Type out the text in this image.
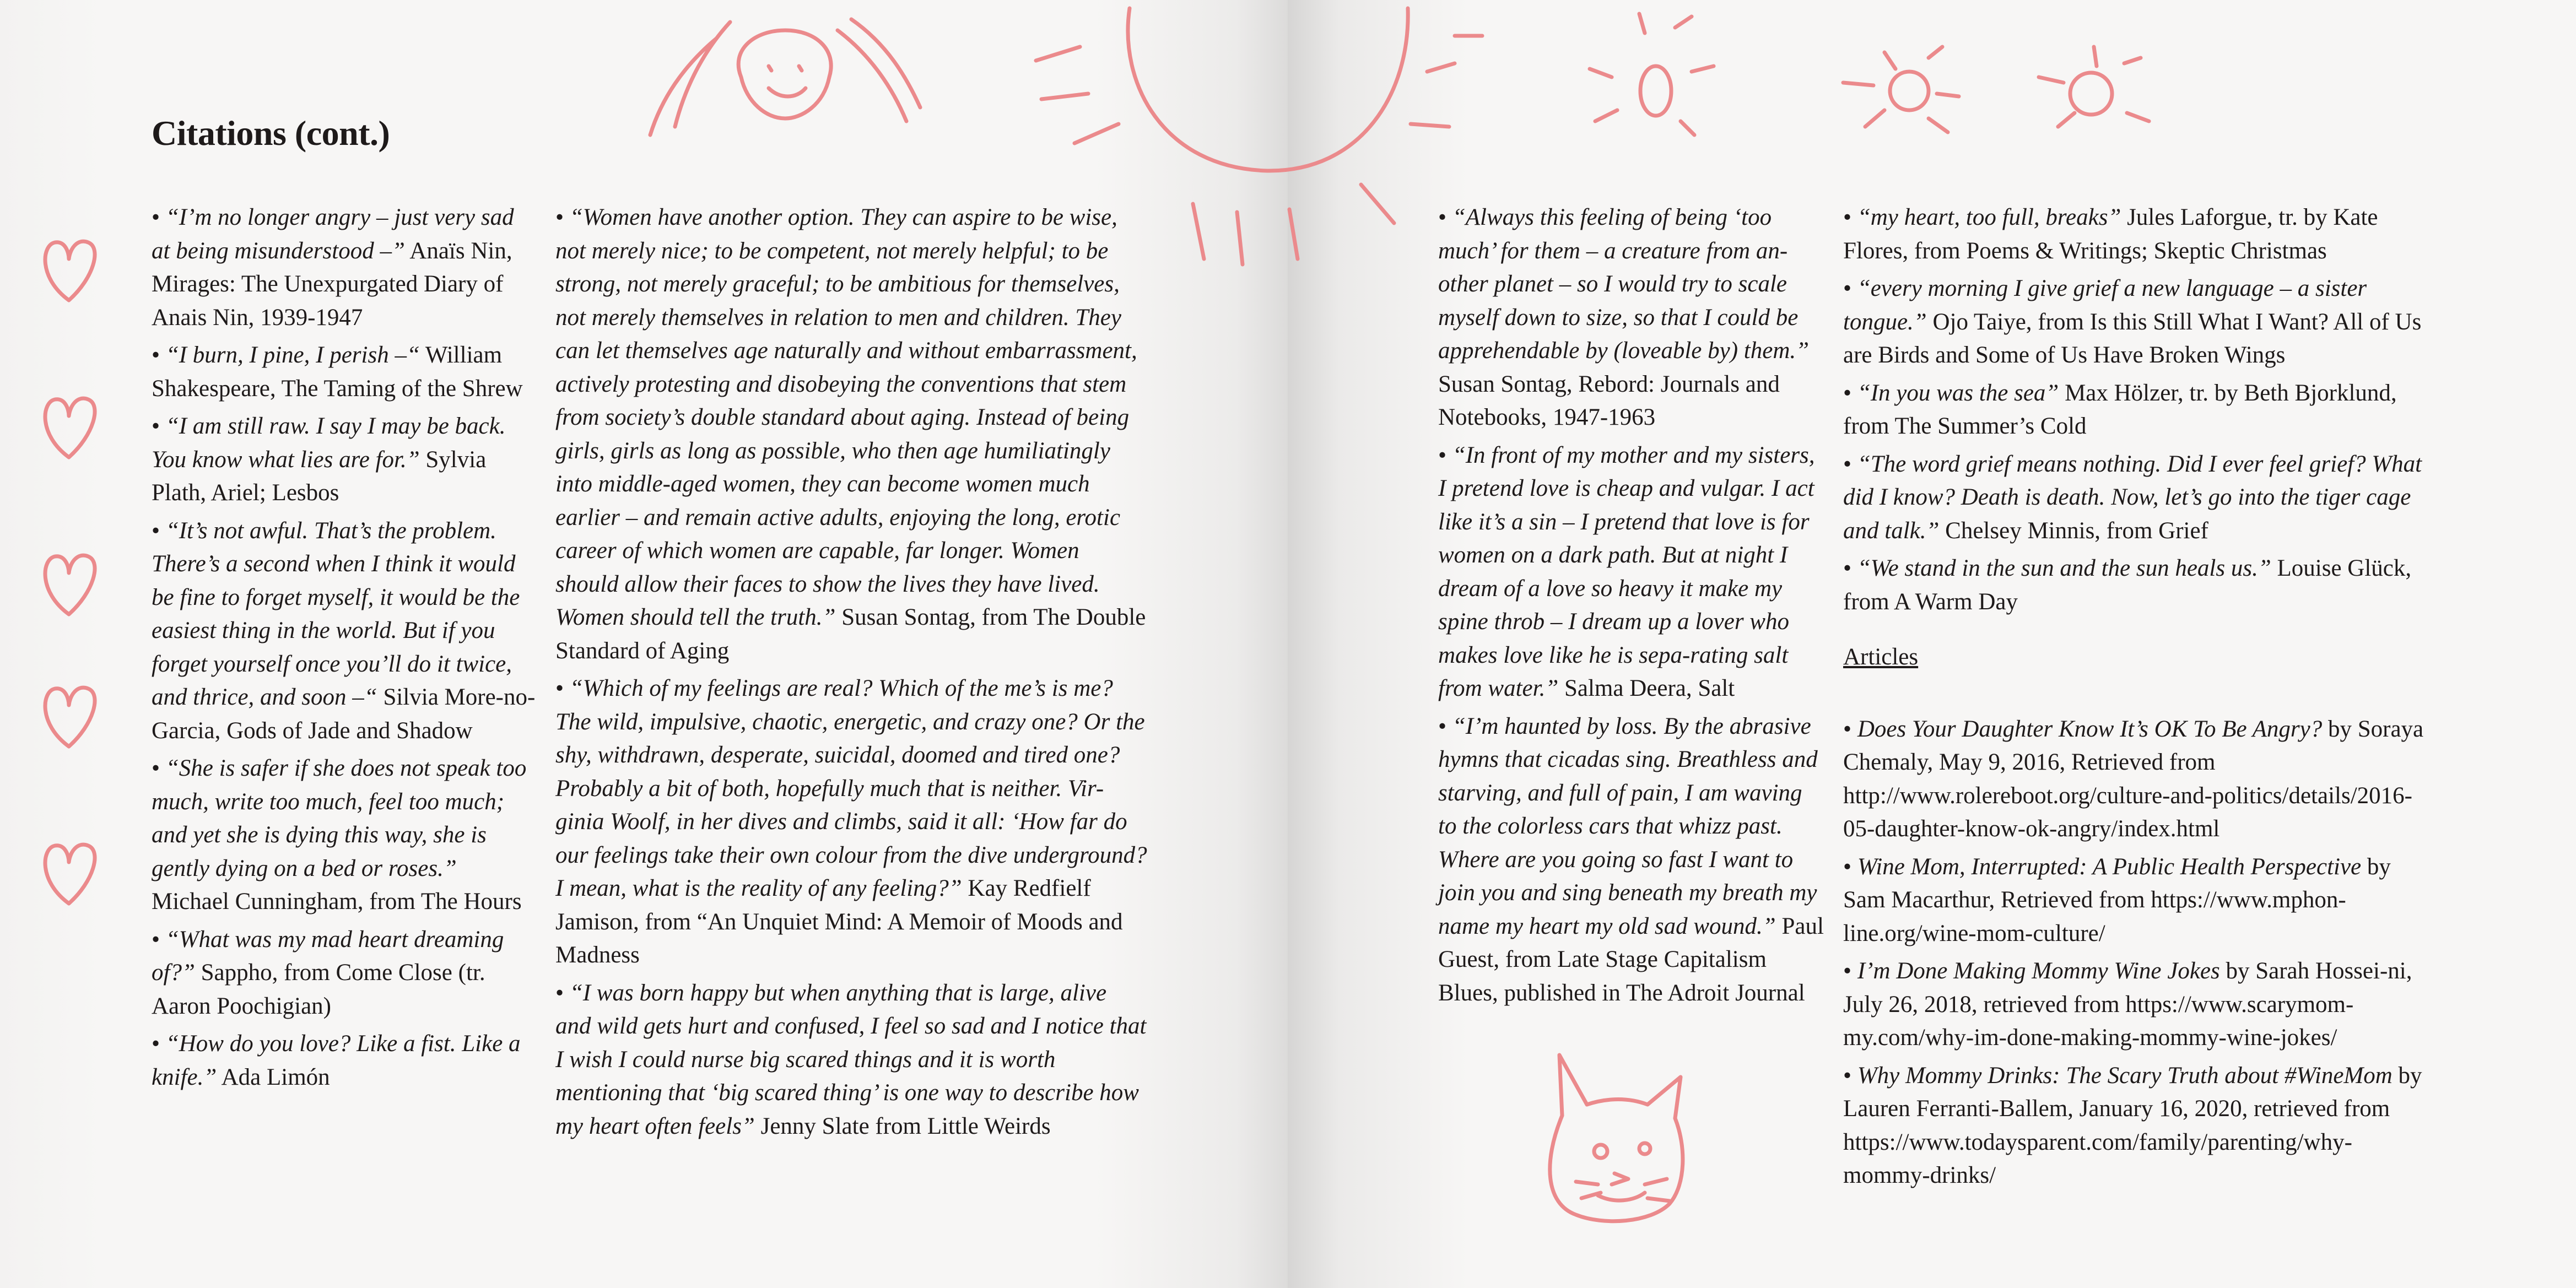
Citations (cont.)
• “I’m no longer angry – just very sad at being misunderstood –” Anaïs Nin, Mirages: The Unexpurgated Diary of Anais Nin, 1939-1947
• “I burn, I pine, I perish –“ William Shakespeare, The Taming of the Shrew
• “I am still raw. I say I may be back. You know what lies are for.” Sylvia Plath, Ariel; Lesbos
• “It’s not awful. That’s the problem. There’s a second when I think it would be fine to forget myself, it would be the easiest thing in the world. But if you forget yourself once you’ll do it twice, and thrice, and soon –“ Silvia More-no-Garcia, Gods of Jade and Shadow
• “She is safer if she does not speak too much, write too much, feel too much; and yet she is dying this way, she is gently dying on a bed or roses.” Michael Cunningham, from The Hours
• “What was my mad heart dreaming of?” Sappho, from Come Close (tr. Aaron Poochigian)
• “How do you love? Like a fist. Like a knife.” Ada Limón
• “Women have another option. They can aspire to be wise, not merely nice; to be competent, not merely helpful; to be strong, not merely graceful; to be ambitious for themselves, not merely themselves in relation to men and children. They can let themselves age naturally and without embarrassment, actively protesting and disobeying the conventions that stem from society’s double standard about aging. Instead of being girls, girls as long as possible, who then age humiliatingly into middle-aged women, they can become women much earlier – and remain active adults, enjoying the long, erotic career of which women are capable, far longer. Women should allow their faces to show the lives they have lived. Women should tell the truth.” Susan Sontag, from The Double Standard of Aging
• “Which of my feelings are real? Which of the me’s is me?The wild, impulsive, chaotic, energetic, and crazy one? Or the shy, withdrawn, desperate, suicidal, doomed and tired one? Probably a bit of both, hopefully much that is neither. Vir-ginia Woolf, in her dives and climbs, said it all: ‘How far do our feelings take their own colour from the dive underground? I mean, what is the reality of any feeling?” Kay Redfielf Jamison, from “An Unquiet Mind: A Memoir of Moods and Madness
• “I was born happy but when anything that is large, alive and wild gets hurt and confused, I feel so sad and I notice that I wish I could nurse big scared things and it is worth mentioning that ‘big scared thing’ is one way to describe how my heart often feels” Jenny Slate from Little Weirds
• “Always this feeling of being ‘too much’ for them – a creature from an-other planet – so I would try to scale myself down to size, so that I could be apprehendable by (loveable by) them.” Susan Sontag, Rebord: Journals and Notebooks, 1947-1963
• “In front of my mother and my sisters, I pretend love is cheap and vulgar. I act like it’s a sin – I pretend that love is for women on a dark path. But at night I dream of a love so heavy it make my spine throb – I dream up a lover who makes love like he is sepa-rating salt from water.” Salma Deera, Salt
• “I’m haunted by loss. By the abrasive hymns that cicadas sing. Breathless and starving, and full of pain, I am waving to the colorless cars that whizz past. Where are you going so fast I want to join you and sing beneath my breath my name my heart my old sad wound.” Paul Guest, from Late Stage Capitalism Blues, published in The Adroit Journal
• “my heart, too full, breaks” Jules Laforgue, tr. by Kate Flores, from Poems & Writings; Skeptic Christmas
• “every morning I give grief a new language – a sister tongue.” Ojo Taiye, from Is this Still What I Want? All of Us are Birds and Some of Us Have Broken Wings
• “In you was the sea” Max Hölzer, tr. by Beth Bjorklund, from The Summer’s Cold
• “The word grief means nothing. Did I ever feel grief? What did I know? Death is death. Now, let’s go into the tiger cage and talk.” Chelsey Minnis, from Grief
• “We stand in the sun and the sun heals us.” Louise Glück, from A Warm Day
Articles
• Does Your Daughter Know It’s OK To Be Angry? by Soraya Chemaly, May 9, 2016, Retrieved from http://www.rolereboot.org/culture-and-politics/details/2016-05-daughter-know-ok-angry/index.html
• Wine Mom, Interrupted: A Public Health Perspective by Sam Macarthur, Retrieved from https://www.mphon-line.org/wine-mom-culture/
• I’m Done Making Mommy Wine Jokes by Sarah Hossei-ni, July 26, 2018, retrieved from https://www.scarymom-my.com/why-im-done-making-mommy-wine-jokes/
• Why Mommy Drinks: The Scary Truth about #WineMom by Lauren Ferranti-Ballem, January 16, 2020, retrieved from https://www.todaysparent.com/family/parenting/why-mommy-drinks/
